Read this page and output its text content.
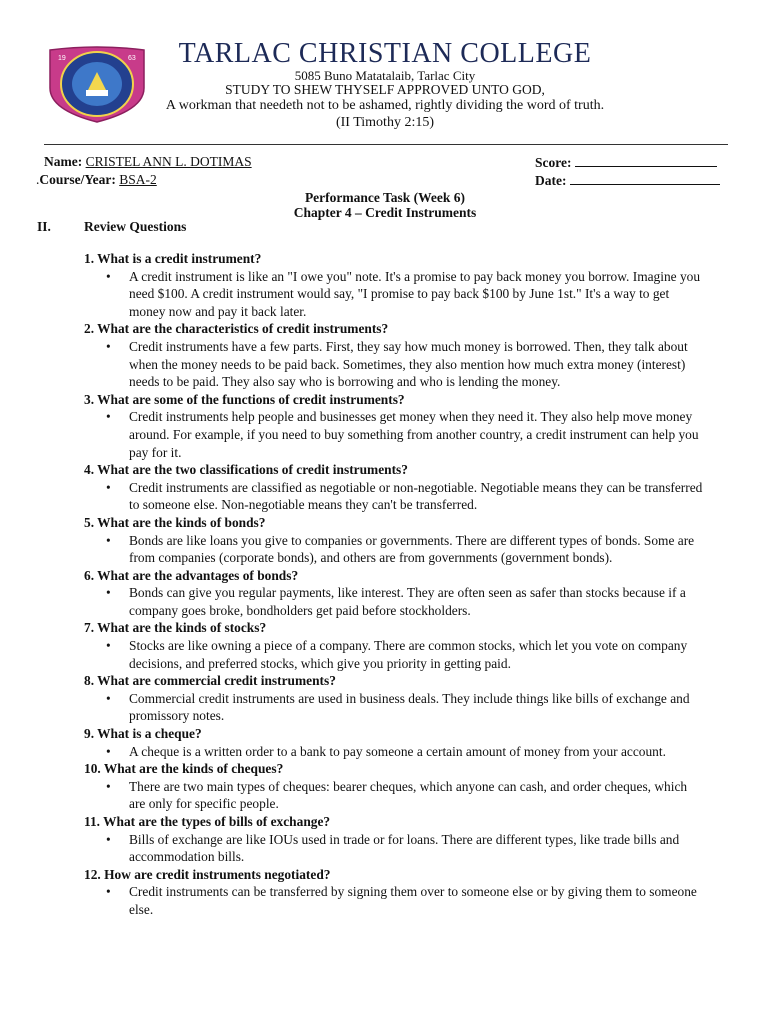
19	63	TARLAC CHRISTIAN COLLEGE
5085 Buno Matatalaib, Tarlac City
STUDY TO SHEW THYSELF APPROVED UNTO GOD,
A workman that needeth not to be ashamed, rightly dividing the word of truth. (II Timothy 2:15)
Name: CRISTEL ANN L. DOTIMAS
.Course/Year: BSA-2
Score:
Date:
Performance Task (Week 6)
Chapter 4 – Credit Instruments
II. Review Questions
1. What is a credit instrument?
• A credit instrument is like an "I owe you" note. It's a promise to pay back money you borrow. Imagine you need $100. A credit instrument would say, "I promise to pay back $100 by June 1st." It's a way to get money now and pay it back later.
2. What are the characteristics of credit instruments?
• Credit instruments have a few parts. First, they say how much money is borrowed. Then, they talk about when the money needs to be paid back. Sometimes, they also mention how much extra money (interest) needs to be paid. They also say who is borrowing and who is lending the money.
3. What are some of the functions of credit instruments?
• Credit instruments help people and businesses get money when they need it. They also help move money around. For example, if you need to buy something from another country, a credit instrument can help you pay for it.
4. What are the two classifications of credit instruments?
• Credit instruments are classified as negotiable or non-negotiable. Negotiable means they can be transferred to someone else. Non-negotiable means they can't be transferred.
5. What are the kinds of bonds?
• Bonds are like loans you give to companies or governments. There are different types of bonds. Some are from companies (corporate bonds), and others are from governments (government bonds).
6. What are the advantages of bonds?
• Bonds can give you regular payments, like interest. They are often seen as safer than stocks because if a company goes broke, bondholders get paid before stockholders.
7. What are the kinds of stocks?
• Stocks are like owning a piece of a company. There are common stocks, which let you vote on company decisions, and preferred stocks, which give you priority in getting paid.
8. What are commercial credit instruments?
• Commercial credit instruments are used in business deals. They include things like bills of exchange and promissory notes.
9. What is a cheque?
• A cheque is a written order to a bank to pay someone a certain amount of money from your account.
10. What are the kinds of cheques?
• There are two main types of cheques: bearer cheques, which anyone can cash, and order cheques, which are only for specific people.
11. What are the types of bills of exchange?
• Bills of exchange are like IOUs used in trade or for loans. There are different types, like trade bills and accommodation bills.
12. How are credit instruments negotiated?
• Credit instruments can be transferred by signing them over to someone else or by giving them to someone else.
